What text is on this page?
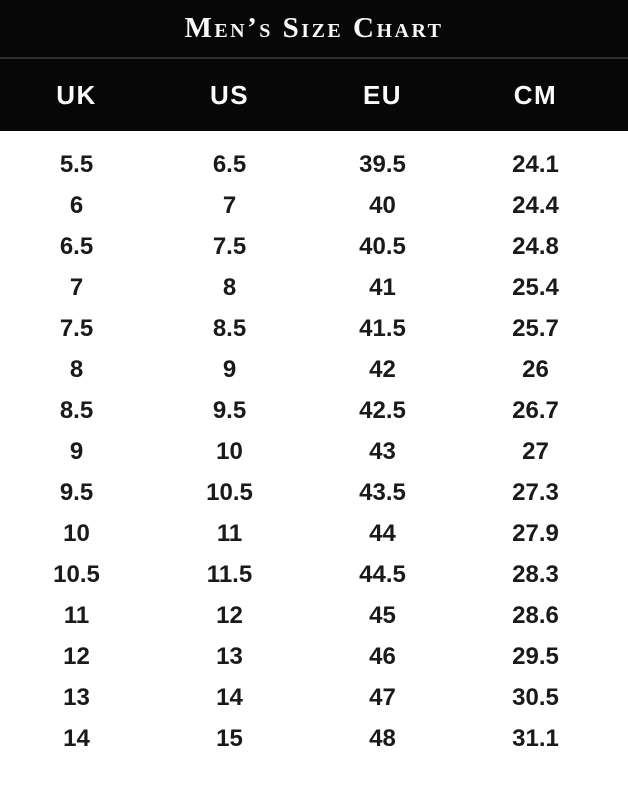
Men’s Size Chart
UK	US	EU	CM
5.5	6.5	39.5	24.1
6	7	40	24.4
6.5	7.5	40.5	24.8
7	8	41	25.4
7.5	8.5	41.5	25.7
8	9	42	26
8.5	9.5	42.5	26.7
9	10	43	27
9.5	10.5	43.5	27.3
10	11	44	27.9
10.5	11.5	44.5	28.3
11	12	45	28.6
12	13	46	29.5
13	14	47	30.5
14	15	48	31.1
